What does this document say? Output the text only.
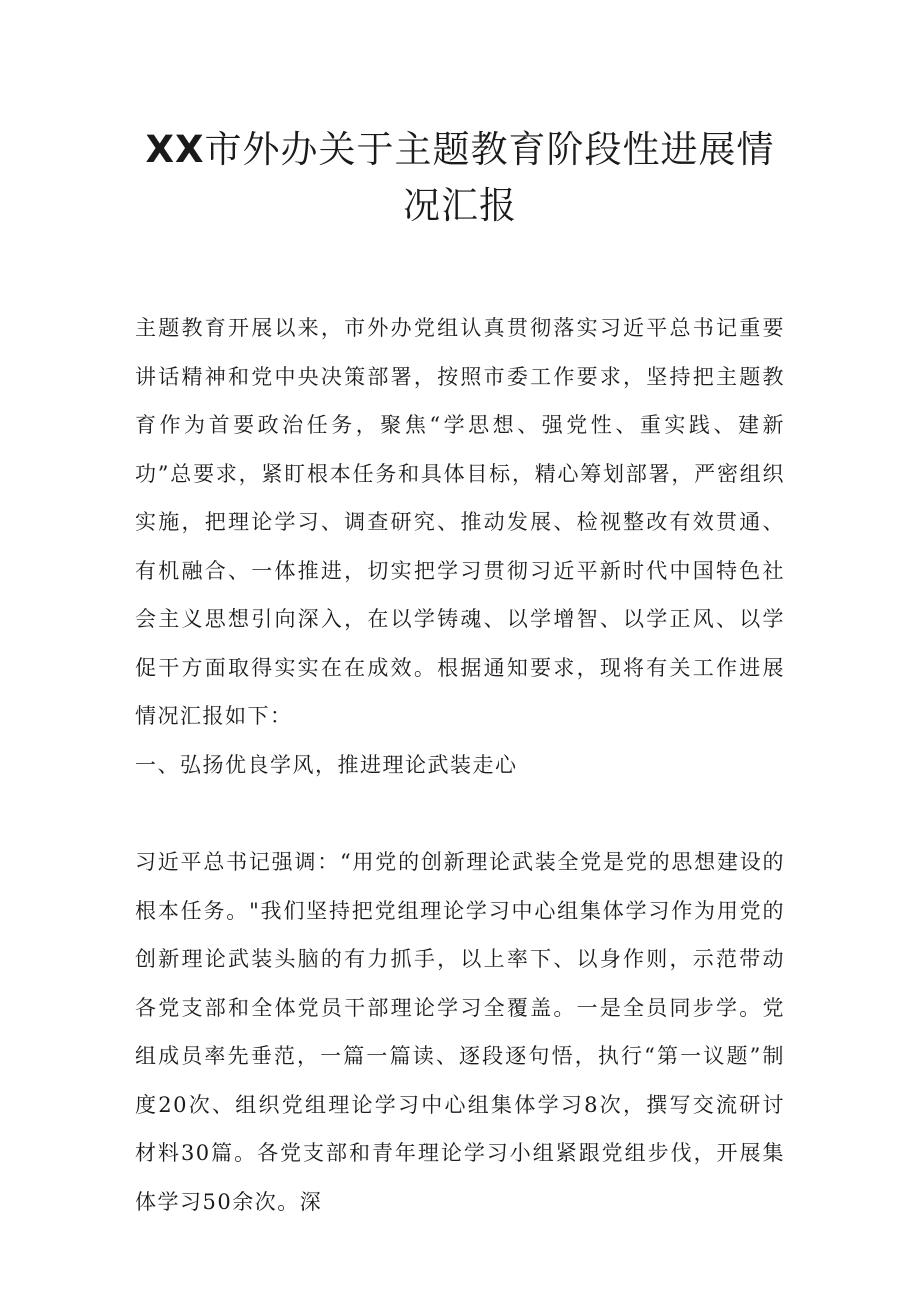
XX市外办关于主题教育阶段性进展情况汇报

主题教育开展以来，市外办党组认真贯彻落实习近平总书记重要讲话精神和党中央决策部署，按照市委工作要求，坚持把主题教育作为首要政治任务，聚焦“学思想、强党性、重实践、建新功”总要求，紧盯根本任务和具体目标，精心筹划部署，严密组织实施，把理论学习、调查研究、推动发展、检视整改有效贯通、有机融合、一体推进，切实把学习贯彻习近平新时代中国特色社会主义思想引向深入，在以学铸魂、以学增智、以学正风、以学促干方面取得实实在在成效。根据通知要求，现将有关工作进展情况汇报如下：

一、弘扬优良学风，推进理论武装走心

习近平总书记强调：“用党的创新理论武装全党是党的思想建设的根本任务。"我们坚持把党组理论学习中心组集体学习作为用党的创新理论武装头脑的有力抓手，以上率下、以身作则，示范带动各党支部和全体党员干部理论学习全覆盖。一是全员同步学。党组成员率先垂范，一篇一篇读、逐段逐句悟，执行“第一议题”制度20次、组织党组理论学习中心组集体学习8次，撰写交流研讨材料30篇。各党支部和青年理论学习小组紧跟党组步伐，开展集体学习50余次。深
